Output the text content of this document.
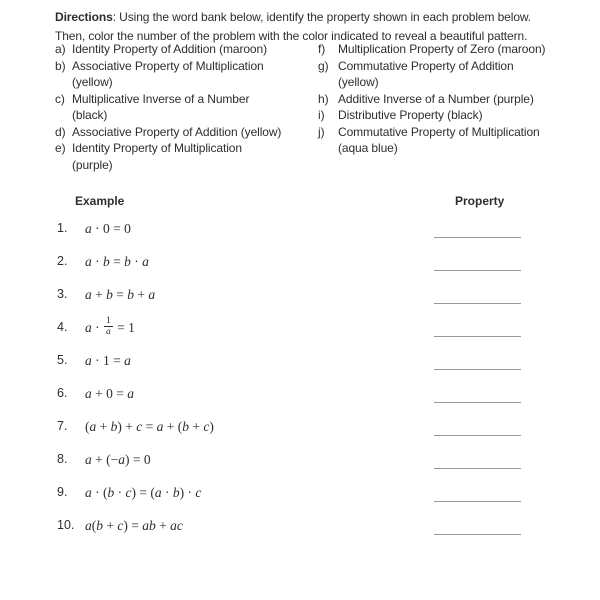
Directions: Using the word bank below, identify the property shown in each problem below.
Then, color the number of the problem with the color indicated to reveal a beautiful pattern.
a) Identity Property of Addition (maroon)
b) Associative Property of Multiplication
(yellow)
c) Multiplicative Inverse of a Number
(black)
d) Associative Property of Addition (yellow)
e) Identity Property of Multiplication
(purple)
f)	Multiplication Property of Zero (maroon)
g) Commutative Property of Addition
(yellow)
h) Additive Inverse of a Number (purple)
i)	Distributive Property (black)
j)	Commutative Property of Multiplication
(aqua blue)
Example	Property
1. a · 0 = 0
2. a · b = b · a
3. a + b = b + a
4. $a \cdot \frac{1}{a} = 1$
5. a · 1 = a
6. a + 0 = a
7. (a + b) + c = a + (b + c)
8. a + (−a) = 0
9. a · (b · c) = (a · b) · c
10. a(b + c) = ab + ac
